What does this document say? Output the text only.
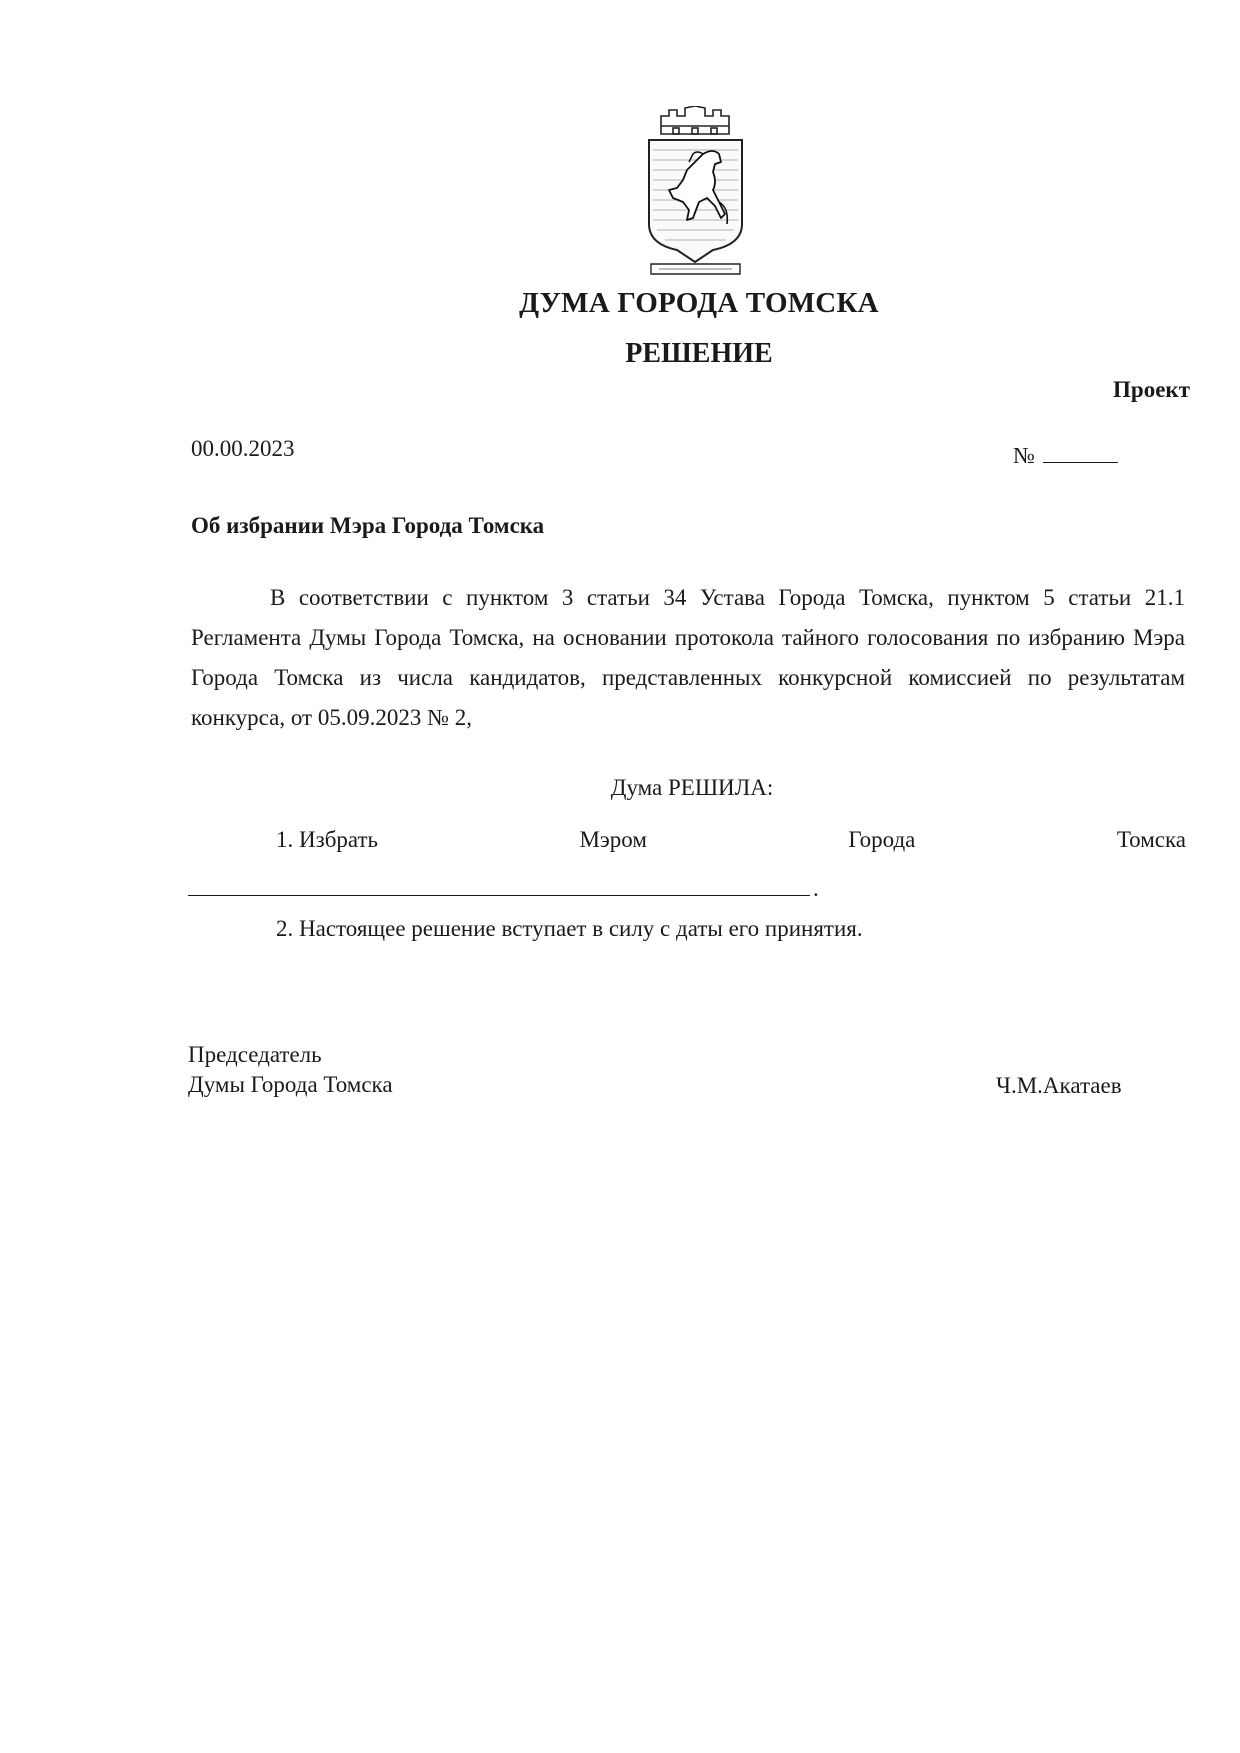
ДУМА ГОРОДА ТОМСКА
РЕШЕНИЕ
Проект
00.00.2023	№
Об избрании Мэра Города Томска

В соответствии с пунктом 3 статьи 34 Устава Города Томска, пунктом 5 статьи 21.1 Регламента Думы Города Томска, на основании протокола тайного голосования по избранию Мэра Города Томска из числа кандидатов, представленных конкурсной комиссией по результатам конкурса, от 05.09.2023 № 2,

Дума РЕШИЛА:
1. Избрать	Мэром	Города	Томска
.
2. Настоящее решение вступает в силу с даты его принятия.
Председатель
Думы Города Томска	Ч.М.Акатаев
